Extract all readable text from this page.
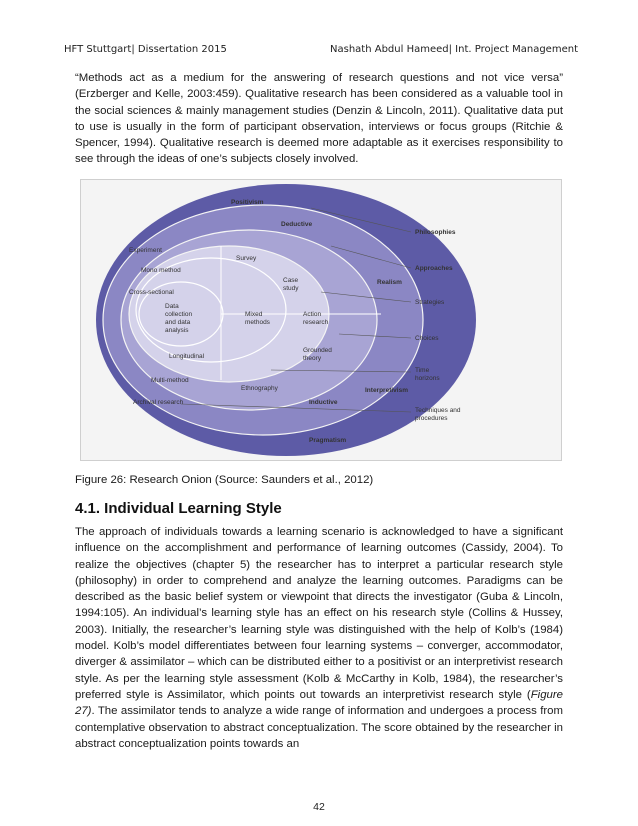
HFT Stuttgart| Dissertation 2015	Nashath Abdul Hameed| Int. Project Management

“Methods act as a medium for the answering of research questions and not vice versa” (Erzberger and Kelle, 2003:459). Qualitative research has been considered as a valuable tool in the social sciences & mainly management studies (Denzin & Lincoln, 2011). Qualitative data put to use is usually in the form of participant observation, interviews or focus groups (Ritchie & Spencer, 1994). Qualitative research is deemed more adaptable as it exercises responsibility to see through the ideas of one’s subjects closely involved.

Positivism
Deductive
Realism
Interpretivism
Inductive
Pragmatism
Experiment
Survey
Mono method
Case
study
Cross-sectional
Action
research
Mixed
methods
Data
collection
and data
analysis
Longitudinal
Grounded
theory
Multi-method
Ethnography
Archival research
Philosophies
Approaches
Strategies
Choices
Time
horizons
Techniques and
procedures
Figure 26: Research Onion (Source: Saunders et al., 2012)
4.1. Individual Learning Style

The approach of individuals towards a learning scenario is acknowledged to have a significant influence on the accomplishment and performance of learning outcomes (Cassidy, 2004). To realize the objectives (chapter 5) the researcher has to interpret a particular research style (philosophy) in order to comprehend and analyze the learning outcomes. Paradigms can be described as the basic belief system or viewpoint that directs the investigator (Guba & Lincoln, 1994:105). An individual’s learning style has an effect on his research style (Collins & Hussey, 2003). Initially, the researcher’s learning style was distinguished with the help of Kolb’s (1984) model. Kolb’s model differentiates between four learning systems – converger, accommodator, diverger & assimilator – which can be distributed either to a positivist or an interpretivist research style. As per the learning style assessment (Kolb & McCarthy in Kolb, 1984), the researcher’s preferred style is Assimilator, which points out towards an interpretivist research style (Figure 27). The assimilator tends to analyze a wide range of information and undergoes a process from contemplative observation to abstract conceptualization. The score obtained by the researcher in abstract conceptualization points towards an

42
